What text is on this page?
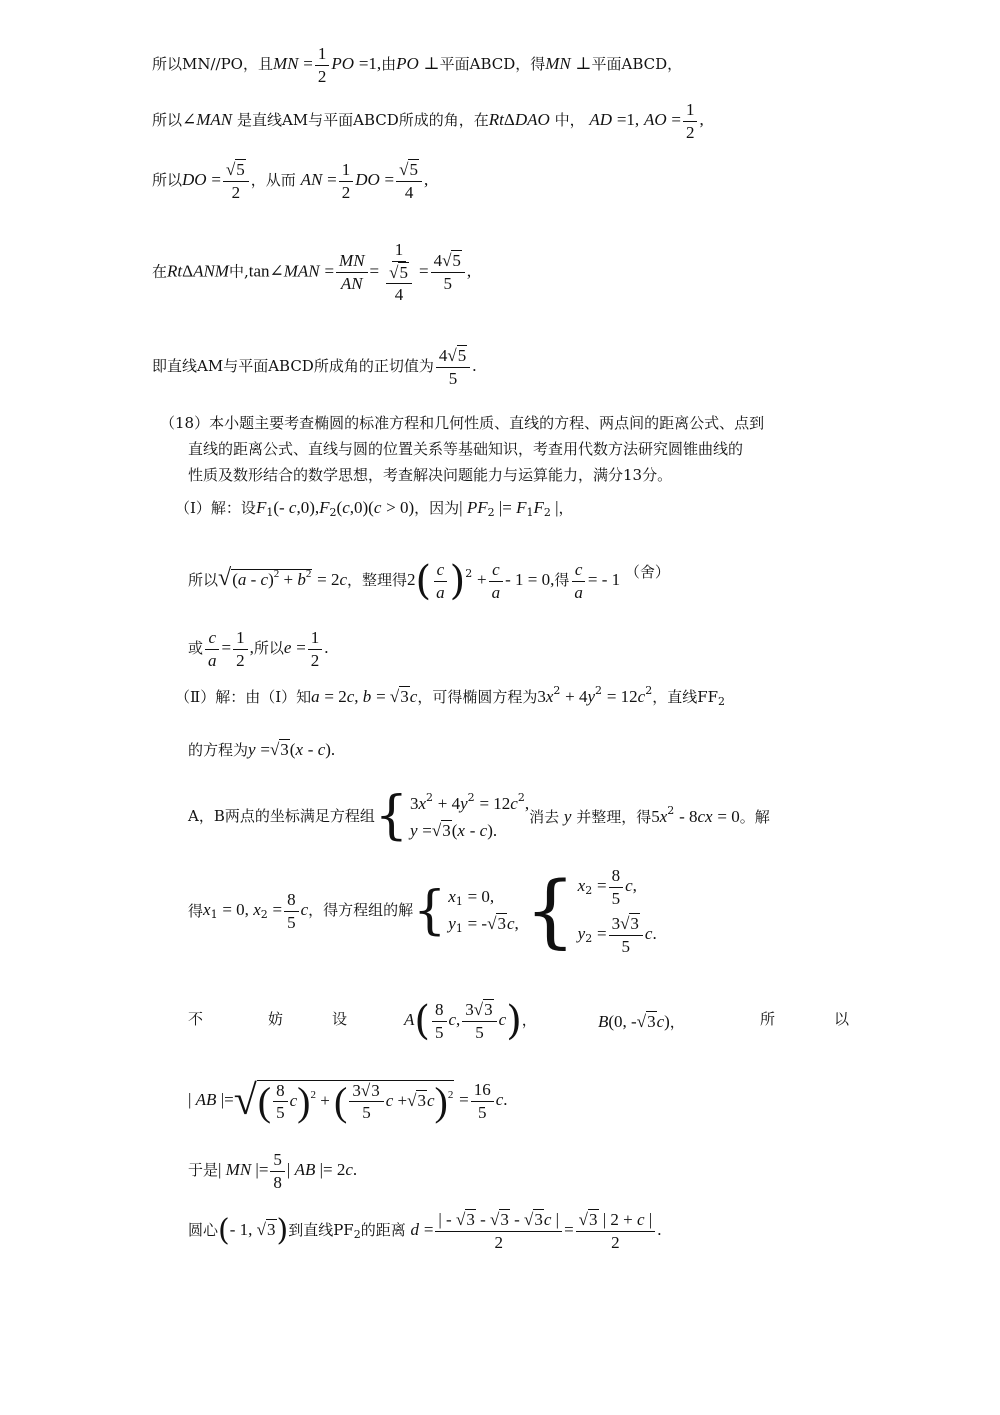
所以MN//PO，且MN = $\frac{1}{2}$ PO =1,由PO ⊥平面ABCD，得MN ⊥平面ABCD，
所以∠MAN 是直线AM与平面ABCD所成的角，在RtΔDAO 中， AD =1, AO = $\frac{1}{2}$ ,
所以DO = $\frac{√5}{2}$ ，从而 AN = $\frac{1}{2}$ DO = $\frac{√5}{4}$ ,
在RtΔANM中,tan∠MAN = $\frac{MN}{AN} = \frac{1}{\frac{√5}{4}} = \frac{4√5}{5}$ ,
即直线AM与平面ABCD所成角的正切值为 $\frac{4√5}{5}$ .
（18）本小题主要考查椭圆的标准方程和几何性质、直线的方程、两点间的距离公式、点到
直线的距离公式、直线与圆的位置关系等基础知识，考查用代数方法研究圆锥曲线的
性质及数形结合的数学思想，考查解决问题能力与运算能力，满分13分。
（Ⅰ）解：设$F_1(-$ $c,0),F_2(c,0)(c > 0)$，因为| $PF_2$ |= $F_1F_2$ |，
所以$√(a - c)^2 + b^2 = 2c$，整理得$2( \frac{c}{a} )^2 + \frac{c}{a} - 1 = 0$,得 $\frac{c}{a}$ = - 1 （舍）
或 $\frac{c}{a} = \frac{1}{2}$ ,所以$e = \frac{1}{2}$ .
（Ⅱ）解：由（Ⅰ）知a = 2c, b = √3c，可得椭圆方程为$3x^2 + 4y^2 = 12c^2$，直线$FF_2$
的方程为y =√3(x - c).
A，B两点的坐标满足方程组 { $3x^2 + 4y^2 = 12c^2$,
y =√3(x - c).
消去 y 并整理，得$5x^2 - 8cx = 0$。解
得$x_1 = 0$, $x_2 = \frac{8}{5}$ c，得方程组的解 { $x_1 = 0$,
$y_1 = -√3c$, { $x_2 = \frac{8}{5} c$,
$y_2 = \frac{3√3}{5} c$.
不	妨	设	$A( \frac{8}{5} c$, $\frac{3√3}{5} c$)，	B(0, -√3c)，	所	以
| AB |=√( $\frac{8}{5} c)^2$ + ( $\frac{3√3}{5}$ $c +√3c)^2 = \frac{16}{5} c$.
于是| MN |= $\frac{5}{8}$ | AB |= 2c.
圆心(- 1, √3)到直线$PF_2$的距离 $d = \frac{| - √3 - √3 - √3c |}{2} = \frac{√3 | 2 + c |}{2}$ .
